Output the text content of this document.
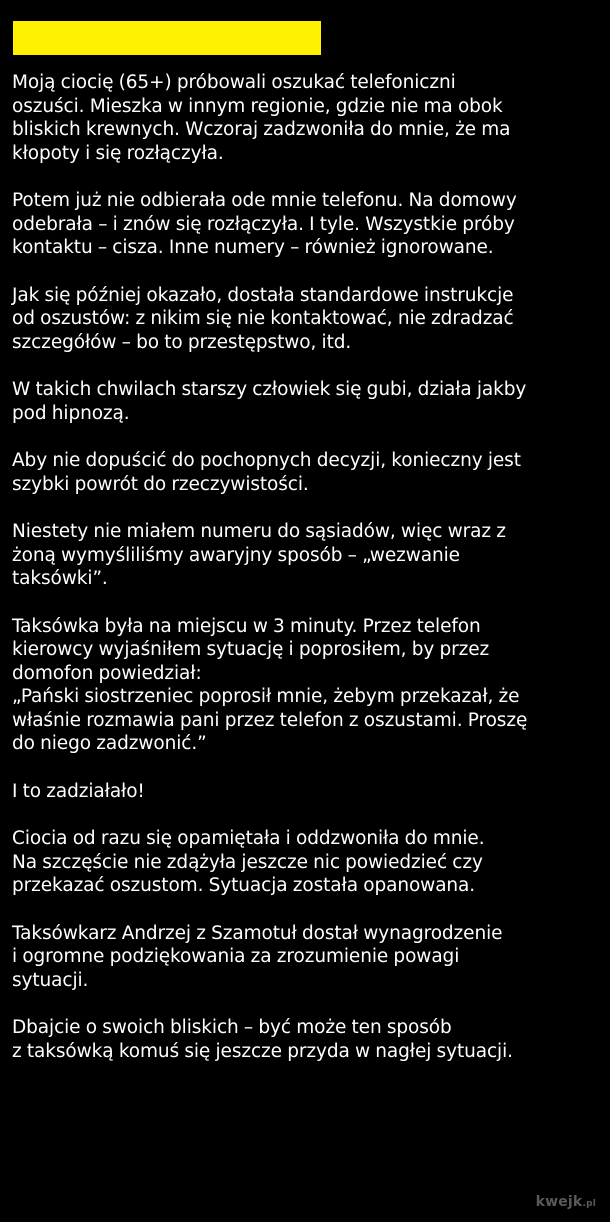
Moją ciocię (65+) próbowali oszukać telefoniczni
oszuści. Mieszka w innym regionie, gdzie nie ma obok
bliskich krewnych. Wczoraj zadzwoniła do mnie, że ma
kłopoty i się rozłączyła.
Potem już nie odbierała ode mnie telefonu. Na domowy
odebrała – i znów się rozłączyła. I tyle. Wszystkie próby
kontaktu – cisza. Inne numery – również ignorowane.
Jak się później okazało, dostała standardowe instrukcje
od oszustów: z nikim się nie kontaktować, nie zdradzać
szczegółów – bo to przestępstwo, itd.
W takich chwilach starszy człowiek się gubi, działa jakby
pod hipnozą.
Aby nie dopuścić do pochopnych decyzji, konieczny jest
szybki powrót do rzeczywistości.
Niestety nie miałem numeru do sąsiadów, więc wraz z
żoną wymyśliliśmy awaryjny sposób – „wezwanie
taksówki”.
Taksówka była na miejscu w 3 minuty. Przez telefon
kierowcy wyjaśniłem sytuację i poprosiłem, by przez
domofon powiedział:
„Pański siostrzeniec poprosił mnie, żebym przekazał, że
właśnie rozmawia pani przez telefon z oszustami. Proszę
do niego zadzwonić.”
I to zadziałało!
Ciocia od razu się opamiętała i oddzwoniła do mnie.
Na szczęście nie zdążyła jeszcze nic powiedzieć czy
przekazać oszustom. Sytuacja została opanowana.
Taksówkarz Andrzej z Szamotuł dostał wynagrodzenie
i ogromne podziękowania za zrozumienie powagi
sytuacji.
Dbajcie o swoich bliskich – być może ten sposób
z taksówką komuś się jeszcze przyda w nagłej sytuacji.
kwejk.pl
